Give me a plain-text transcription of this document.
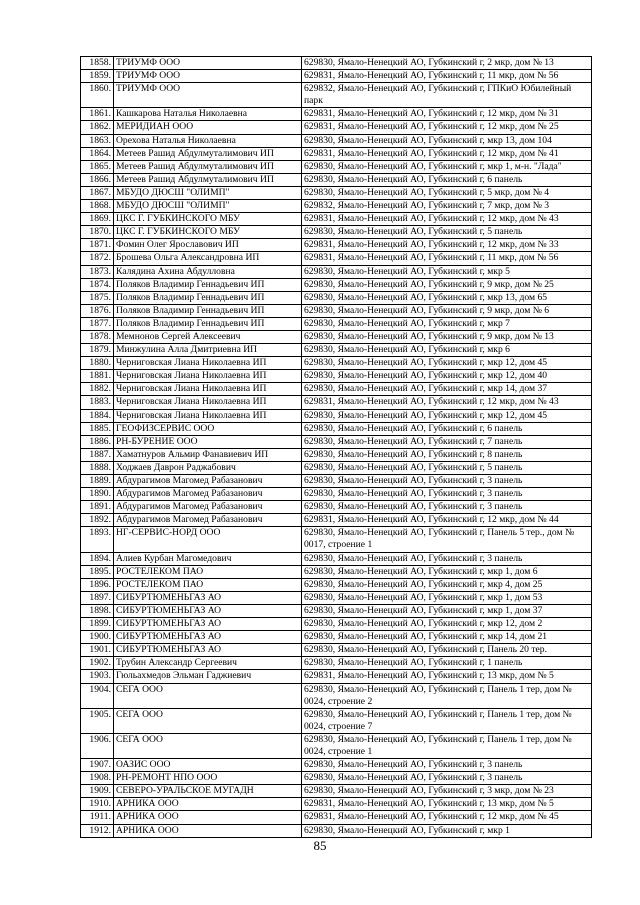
1858.	ТРИУМФ ООО	629830, Ямало-Ненецкий АО, Губкинский г, 2 мкр, дом № 13
1859.	ТРИУМФ ООО	629831, Ямало-Ненецкий АО, Губкинский г, 11 мкр, дом № 56
1860.	ТРИУМФ ООО	629832, Ямало-Ненецкий АО, Губкинский г, ГПКиО Юбилейный парк
1861.	Кашкарова Наталья Николаевна	629831, Ямало-Ненецкий АО, Губкинский г, 12 мкр, дом № 31
1862.	МЕРИДИАН ООО	629831, Ямало-Ненецкий АО, Губкинский г, 12 мкр, дом № 25
1863.	Орехова Наталья Николаевна	629830, Ямало-Ненецкий АО, Губкинский г, мкр 13, дом 104
1864.	Метеев Рашид Абдулмуталимович ИП	629831, Ямало-Ненецкий АО, Губкинский г, 12 мкр, дом № 41
1865.	Метеев Рашид Абдулмуталимович ИП	629830, Ямало-Ненецкий АО, Губкинский г, мкр 1, м-н. "Лада"
1866.	Метеев Рашид Абдулмуталимович ИП	629830, Ямало-Ненецкий АО, Губкинский г, 6 панель
1867.	МБУДО ДЮСШ "ОЛИМП"	629830, Ямало-Ненецкий АО, Губкинский г, 5 мкр, дом № 4
1868.	МБУДО ДЮСШ "ОЛИМП"	629832, Ямало-Ненецкий АО, Губкинский г, 7 мкр, дом № 3
1869.	ЦКС Г. ГУБКИНСКОГО МБУ	629831, Ямало-Ненецкий АО, Губкинский г, 12 мкр, дом № 43
1870.	ЦКС Г. ГУБКИНСКОГО МБУ	629830, Ямало-Ненецкий АО, Губкинский г, 5 панель
1871.	Фомин Олег Ярославович ИП	629831, Ямало-Ненецкий АО, Губкинский г, 12 мкр, дом № 33
1872.	Брошева Ольга Александровна ИП	629831, Ямало-Ненецкий АО, Губкинский г, 11 мкр, дом № 56
1873.	Калядина Ахина Абдулловна	629830, Ямало-Ненецкий АО, Губкинский г, мкр 5
1874.	Поляков Владимир Геннадьевич ИП	629830, Ямало-Ненецкий АО, Губкинский г, 9 мкр, дом № 25
1875.	Поляков Владимир Геннадьевич ИП	629830, Ямало-Ненецкий АО, Губкинский г, мкр 13, дом 65
1876.	Поляков Владимир Геннадьевич ИП	629830, Ямало-Ненецкий АО, Губкинский г, 9 мкр, дом № 6
1877.	Поляков Владимир Геннадьевич ИП	629830, Ямало-Ненецкий АО, Губкинский г, мкр 7
1878.	Мемнонов Сергей Алексеевич	629830, Ямало-Ненецкий АО, Губкинский г, 9 мкр, дом № 13
1879.	Минжулина Алла Дмитриевна ИП	629830, Ямало-Ненецкий АО, Губкинский г, мкр 6
1880.	Черниговская Лиана Николаевна ИП	629830, Ямало-Ненецкий АО, Губкинский г, мкр 12, дом 45
1881.	Черниговская Лиана Николаевна ИП	629830, Ямало-Ненецкий АО, Губкинский г, мкр 12, дом 40
1882.	Черниговская Лиана Николаевна ИП	629830, Ямало-Ненецкий АО, Губкинский г, мкр 14, дом 37
1883.	Черниговская Лиана Николаевна ИП	629831, Ямало-Ненецкий АО, Губкинский г, 12 мкр, дом № 43
1884.	Черниговская Лиана Николаевна ИП	629830, Ямало-Ненецкий АО, Губкинский г, мкр 12, дом 45
1885.	ГЕОФИЗСЕРВИС ООО	629830, Ямало-Ненецкий АО, Губкинский г, 6 панель
1886.	РН-БУРЕНИЕ ООО	629830, Ямало-Ненецкий АО, Губкинский г, 7 панель
1887.	Хаматнуров Альмир Фанавиевич ИП	629830, Ямало-Ненецкий АО, Губкинский г, 8 панель
1888.	Ходжаев Даврон Раджабович	629830, Ямало-Ненецкий АО, Губкинский г, 5 панель
1889.	Абдурагимов Магомед Рабазанович	629830, Ямало-Ненецкий АО, Губкинский г, 3 панель
1890.	Абдурагимов Магомед Рабазанович	629830, Ямало-Ненецкий АО, Губкинский г, 3 панель
1891.	Абдурагимов Магомед Рабазанович	629830, Ямало-Ненецкий АО, Губкинский г, 3 панель
1892.	Абдурагимов Магомед Рабазанович	629831, Ямало-Ненецкий АО, Губкинский г, 12 мкр, дом № 44
1893.	НГ-СЕРВИС-НОРД ООО	629830, Ямало-Ненецкий АО, Губкинский г, Панель 5 тер., дом № 0017, строение 1
1894.	Алиев Курбан Магомедович	629830, Ямало-Ненецкий АО, Губкинский г, 3 панель
1895.	РОСТЕЛЕКОМ ПАО	629830, Ямало-Ненецкий АО, Губкинский г, мкр 1, дом 6
1896.	РОСТЕЛЕКОМ ПАО	629830, Ямало-Ненецкий АО, Губкинский г, мкр 4, дом 25
1897.	СИБУРТЮМЕНЬГАЗ АО	629830, Ямало-Ненецкий АО, Губкинский г, мкр 1, дом 53
1898.	СИБУРТЮМЕНЬГАЗ АО	629830, Ямало-Ненецкий АО, Губкинский г, мкр 1, дом 37
1899.	СИБУРТЮМЕНЬГАЗ АО	629830, Ямало-Ненецкий АО, Губкинский г, мкр 12, дом 2
1900.	СИБУРТЮМЕНЬГАЗ АО	629830, Ямало-Ненецкий АО, Губкинский г, мкр 14, дом 21
1901.	СИБУРТЮМЕНЬГАЗ АО	629830, Ямало-Ненецкий АО, Губкинский г, Панель 20 тер.
1902.	Трубин Александр Сергеевич	629830, Ямало-Ненецкий АО, Губкинский г, 1 панель
1903.	Гюльахмедов Эльман Гаджиевич	629831, Ямало-Ненецкий АО, Губкинский г, 13 мкр, дом № 5
1904.	СЕГА ООО	629830, Ямало-Ненецкий АО, Губкинский г, Панель 1 тер, дом № 0024, строение 2
1905.	СЕГА ООО	629830, Ямало-Ненецкий АО, Губкинский г, Панель 1 тер, дом № 0024, строение 7
1906.	СЕГА ООО	629830, Ямало-Ненецкий АО, Губкинский г, Панель 1 тер, дом № 0024, строение 1
1907.	ОАЗИС ООО	629830, Ямало-Ненецкий АО, Губкинский г, 3 панель
1908.	РН-РЕМОНТ НПО ООО	629830, Ямало-Ненецкий АО, Губкинский г, 3 панель
1909.	СЕВЕРО-УРАЛЬСКОЕ МУГАДН	629830, Ямало-Ненецкий АО, Губкинский г, 3 мкр, дом № 23
1910.	АРНИКА ООО	629831, Ямало-Ненецкий АО, Губкинский г, 13 мкр, дом № 5
1911.	АРНИКА ООО	629831, Ямало-Ненецкий АО, Губкинский г, 12 мкр, дом № 45
1912.	АРНИКА ООО	629830, Ямало-Ненецкий АО, Губкинский г, мкр 1
85
